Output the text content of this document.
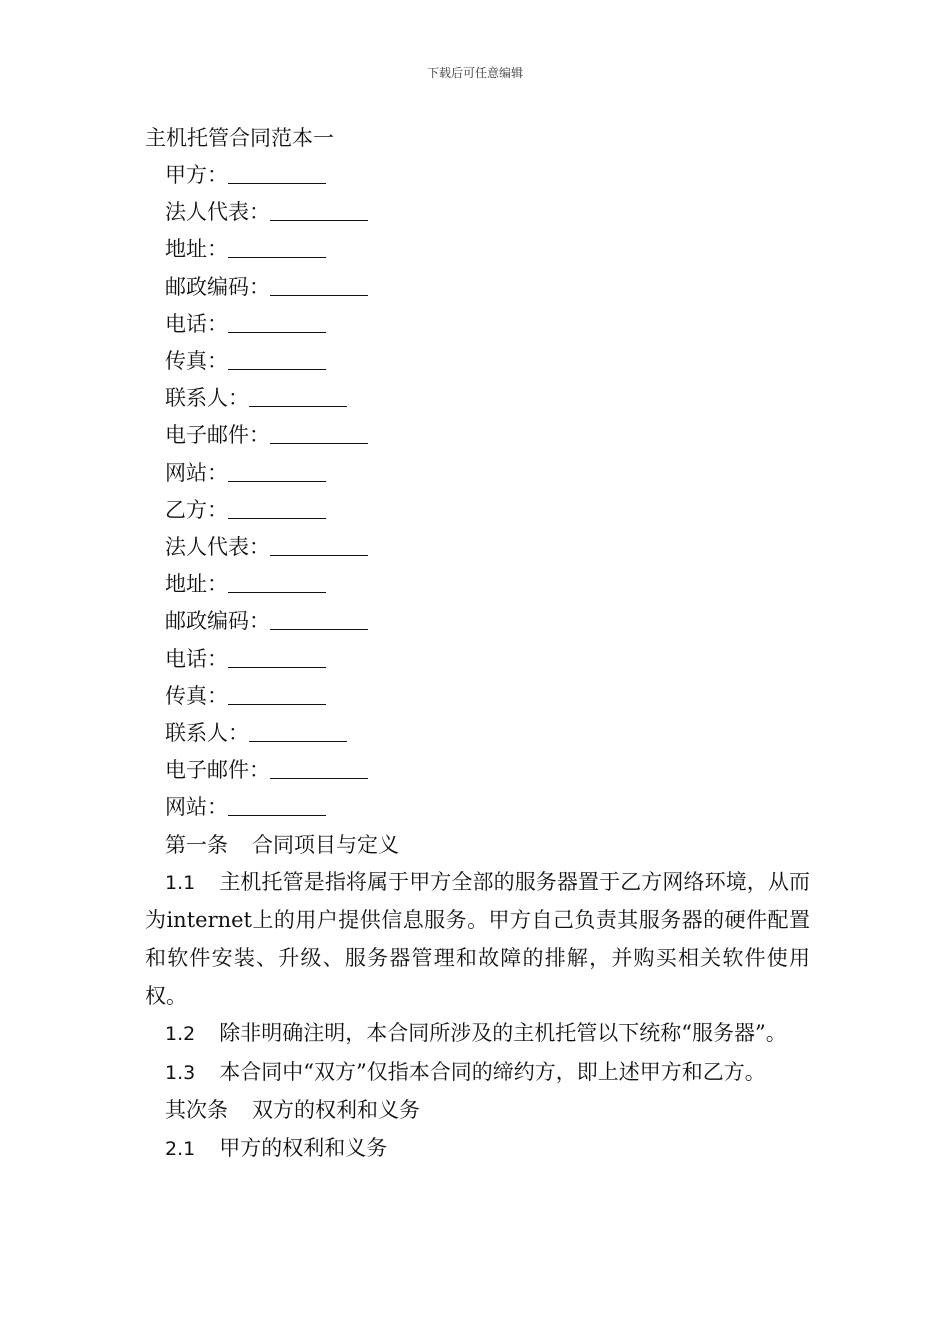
下载后可任意编辑
主机托管合同范本一
甲方：
法人代表：
地址：
邮政编码：
电话：
传真：
联系人：
电子邮件：
网站：
乙方：
法人代表：
地址：
邮政编码：
电话：
传真：
联系人：
电子邮件：
网站：
第一条 合同项目与定义
1.1 主机托管是指将属于甲方全部的服务器置于乙方网络环境，从而为internet上的用户提供信息服务。甲方自己负责其服务器的硬件配置和软件安装、升级、服务器管理和故障的排解，并购买相关软件使用权。
1.2 除非明确注明，本合同所涉及的主机托管以下统称“服务器”。
1.3 本合同中“双方”仅指本合同的缔约方，即上述甲方和乙方。
其次条 双方的权利和义务
2.1 甲方的权利和义务
